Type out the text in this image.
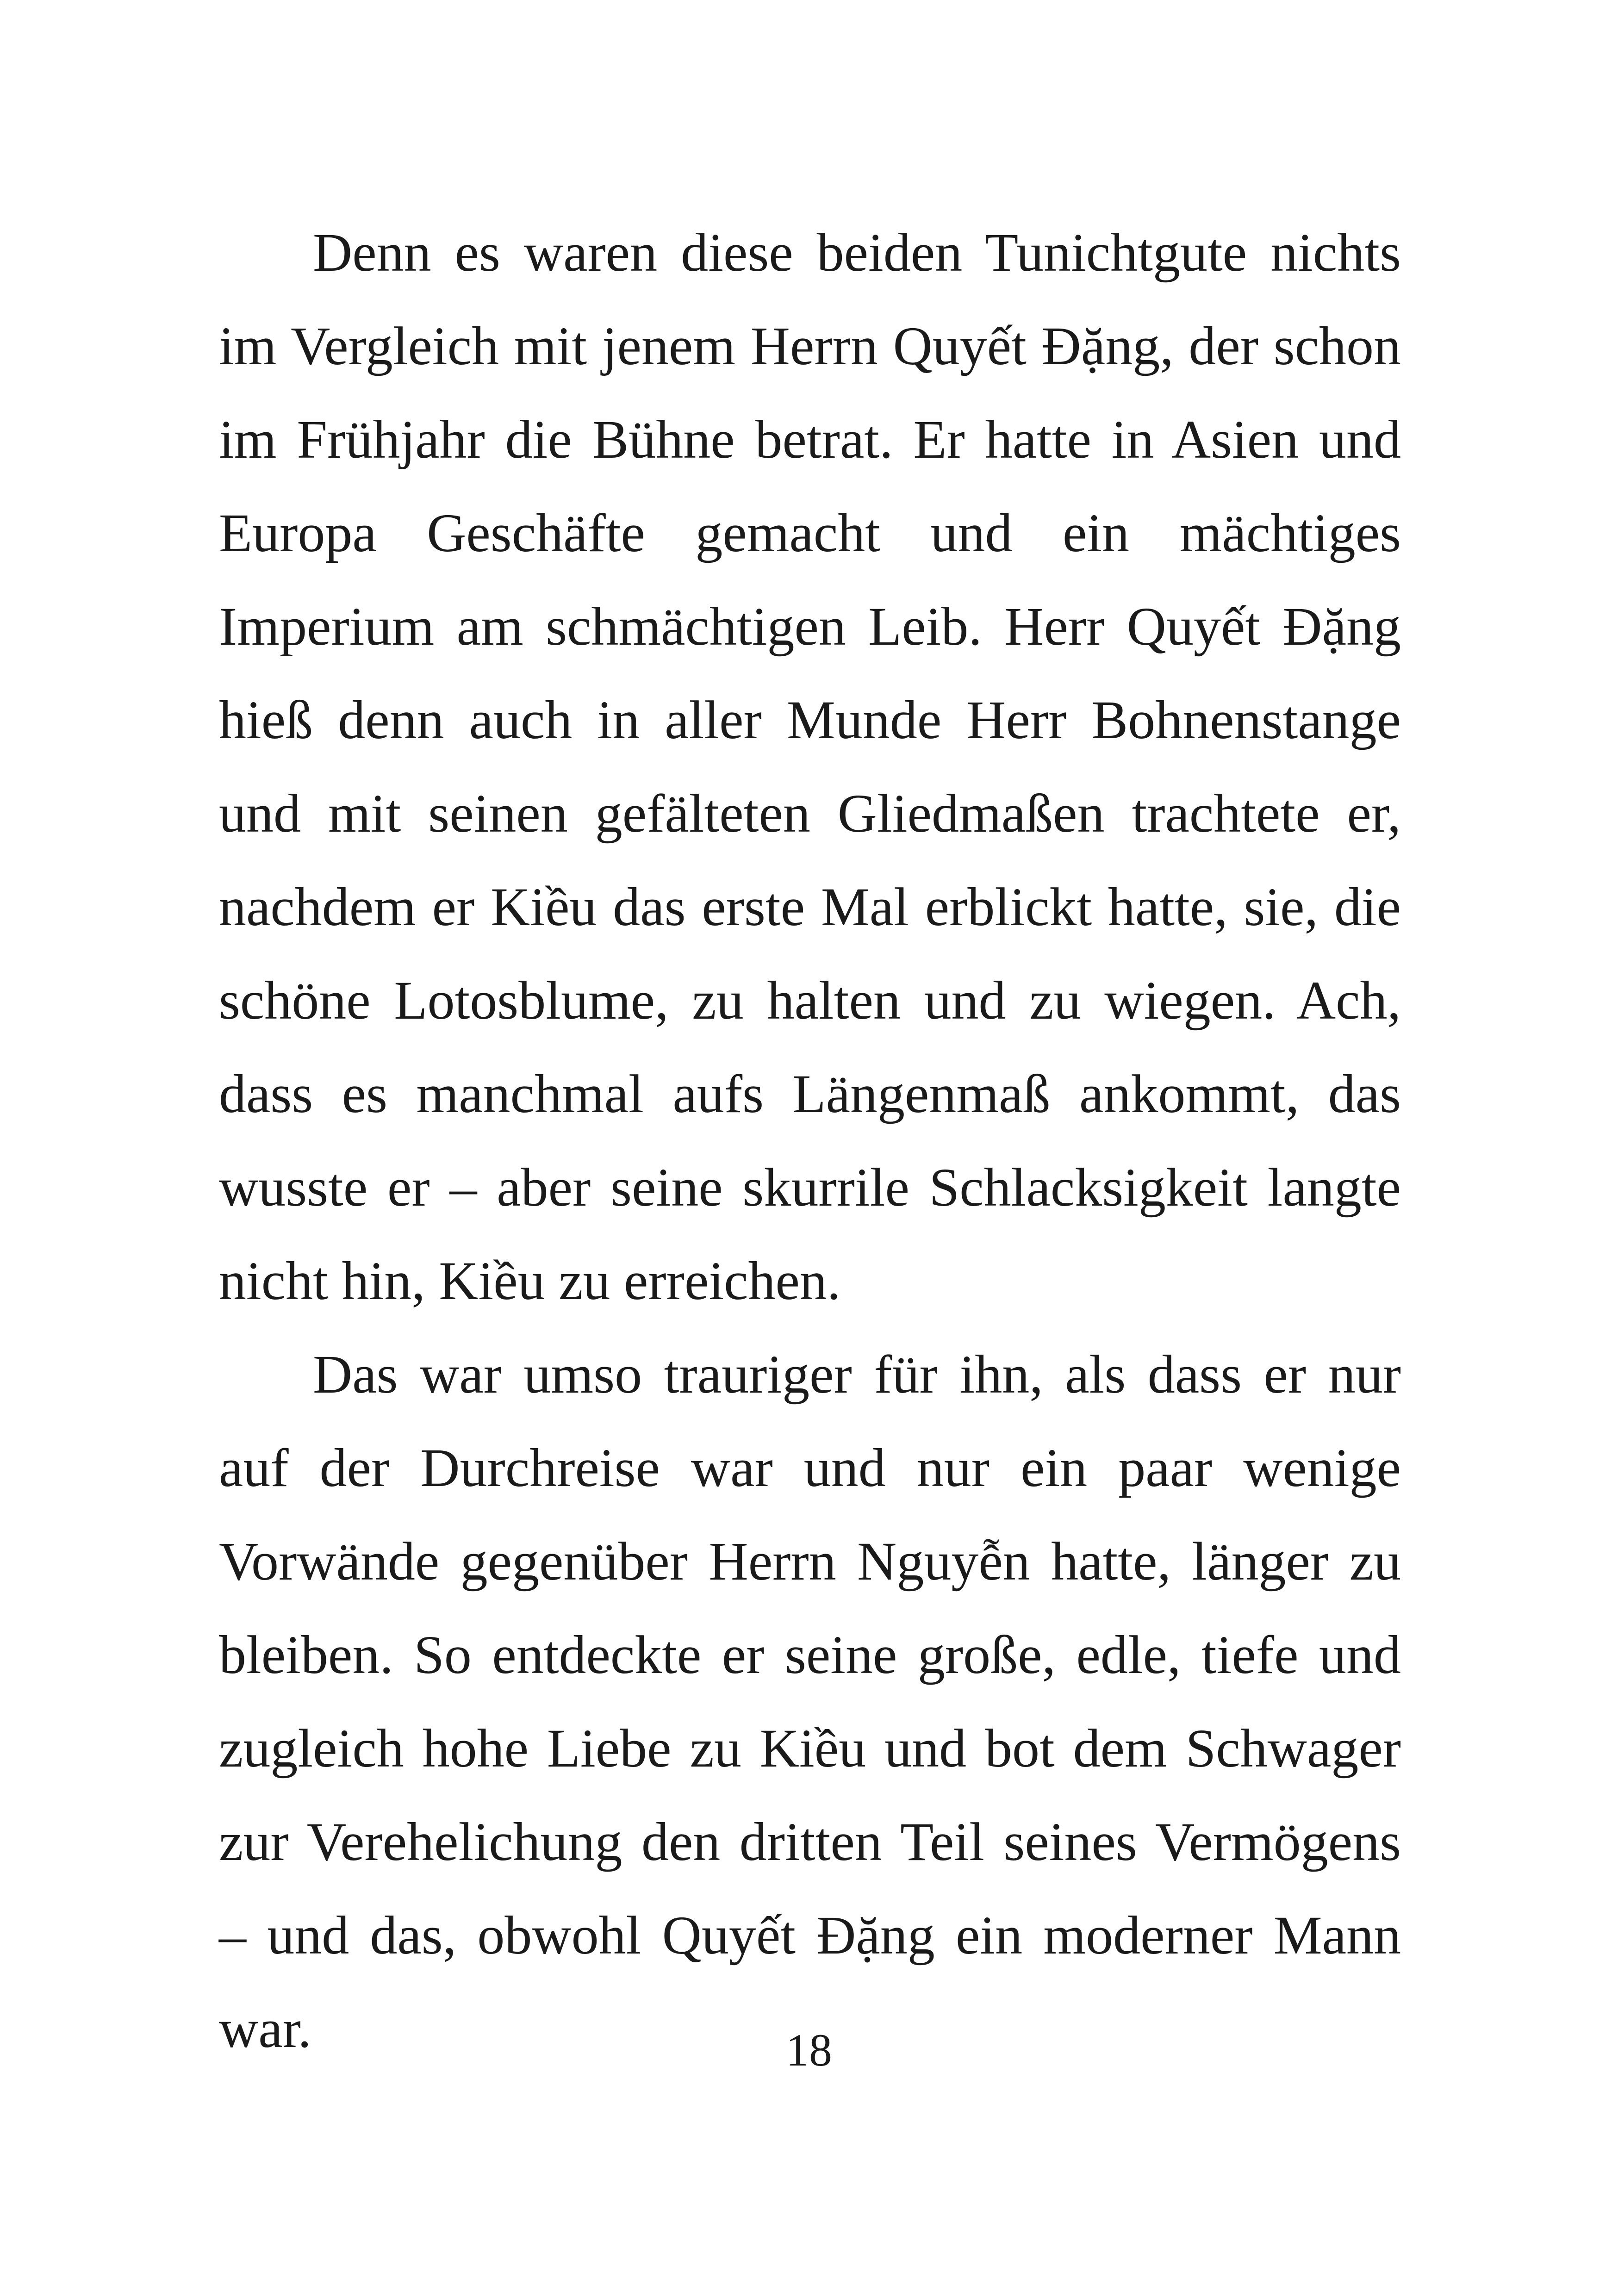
Denn es waren diese beiden Tunichtgute nichts im Vergleich mit jenem Herrn Quyết Đặng, der schon im Frühjahr die Bühne betrat. Er hatte in Asien und Europa Geschäfte gemacht und ein mächtiges Imperium am schmächtigen Leib. Herr Quyết Đặng hieß denn auch in aller Munde Herr Bohnenstange und mit seinen gefälteten Gliedmaßen trachtete er, nachdem er Kiều das erste Mal erblickt hatte, sie, die schöne Lotosblume, zu halten und zu wiegen. Ach, dass es manchmal aufs Längenmaß ankommt, das wusste er – aber seine skurrile Schlacksigkeit langte nicht hin, Kiều zu erreichen.

Das war umso trauriger für ihn, als dass er nur auf der Durchreise war und nur ein paar wenige Vorwände gegenüber Herrn Nguyễn hatte, länger zu bleiben. So entdeckte er seine große, edle, tiefe und zugleich hohe Liebe zu Kiều und bot dem Schwager zur Verehelichung den dritten Teil seines Vermögens – und das, obwohl Quyết Đặng ein moderner Mann war.	18
